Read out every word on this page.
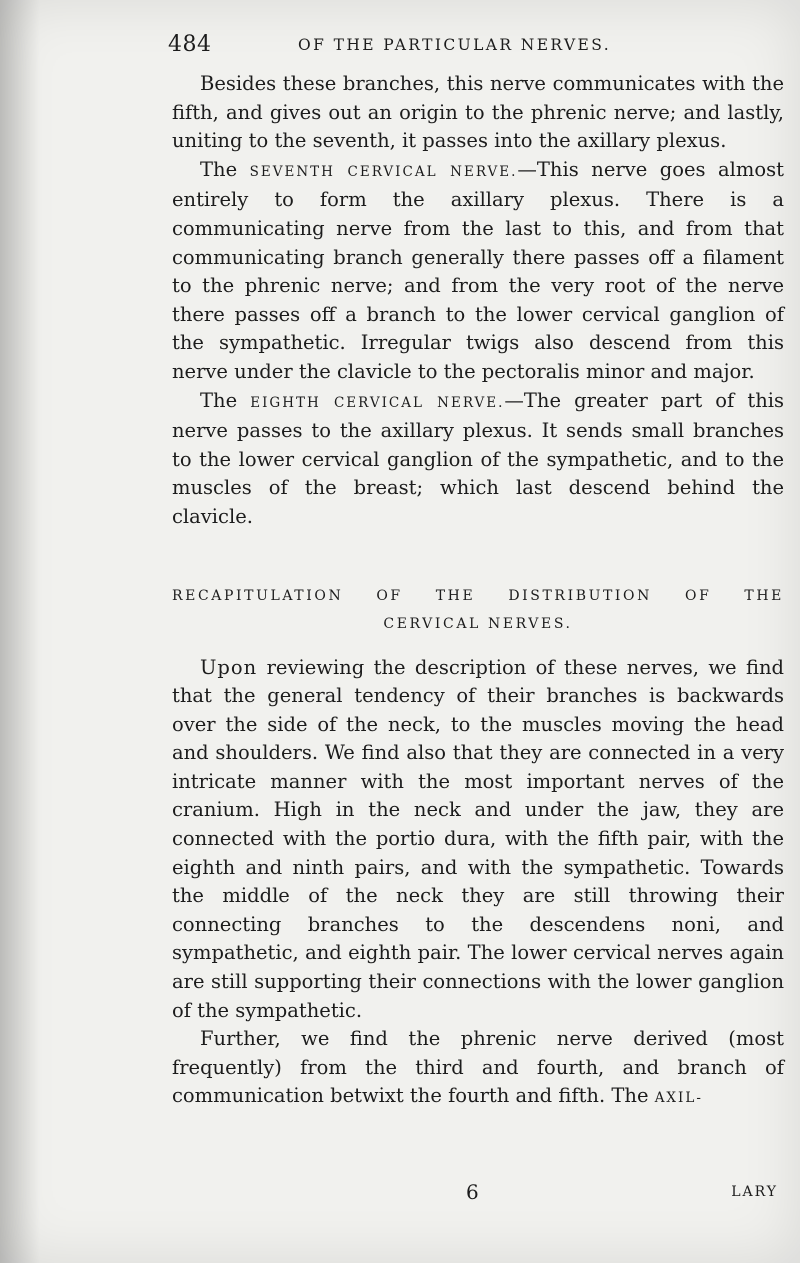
484	OF THE PARTICULAR NERVES.

Besides these branches, this nerve communicates with the fifth, and gives out an origin to the phrenic nerve; and lastly, uniting to the seventh, it passes into the axillary plexus.

The SEVENTH CERVICAL NERVE.—This nerve goes almost entirely to form the axillary plexus. There is a communicating nerve from the last to this, and from that communicating branch generally there passes off a filament to the phrenic nerve; and from the very root of the nerve there passes off a branch to the lower cervical ganglion of the sympathetic. Irregular twigs also descend from this nerve under the clavicle to the pectoralis minor and major.

The EIGHTH CERVICAL NERVE.—The greater part of this nerve passes to the axillary plexus. It sends small branches to the lower cervical ganglion of the sympathetic, and to the muscles of the breast; which last descend behind the clavicle.

RECAPITULATION OF THE DISTRIBUTION OF THE
CERVICAL NERVES.

Upon reviewing the description of these nerves, we find that the general tendency of their branches is backwards over the side of the neck, to the muscles moving the head and shoulders. We find also that they are connected in a very intricate manner with the most important nerves of the cranium. High in the neck and under the jaw, they are connected with the portio dura, with the fifth pair, with the eighth and ninth pairs, and with the sympathetic. Towards the middle of the neck they are still throwing their connecting branches to the descendens noni, and sympathetic, and eighth pair. The lower cervical nerves again are still supporting their connections with the lower ganglion of the sympathetic.

Further, we find the phrenic nerve derived (most frequently) from the third and fourth, and branch of communication betwixt the fourth and fifth. The AXIL-

6	LARY
